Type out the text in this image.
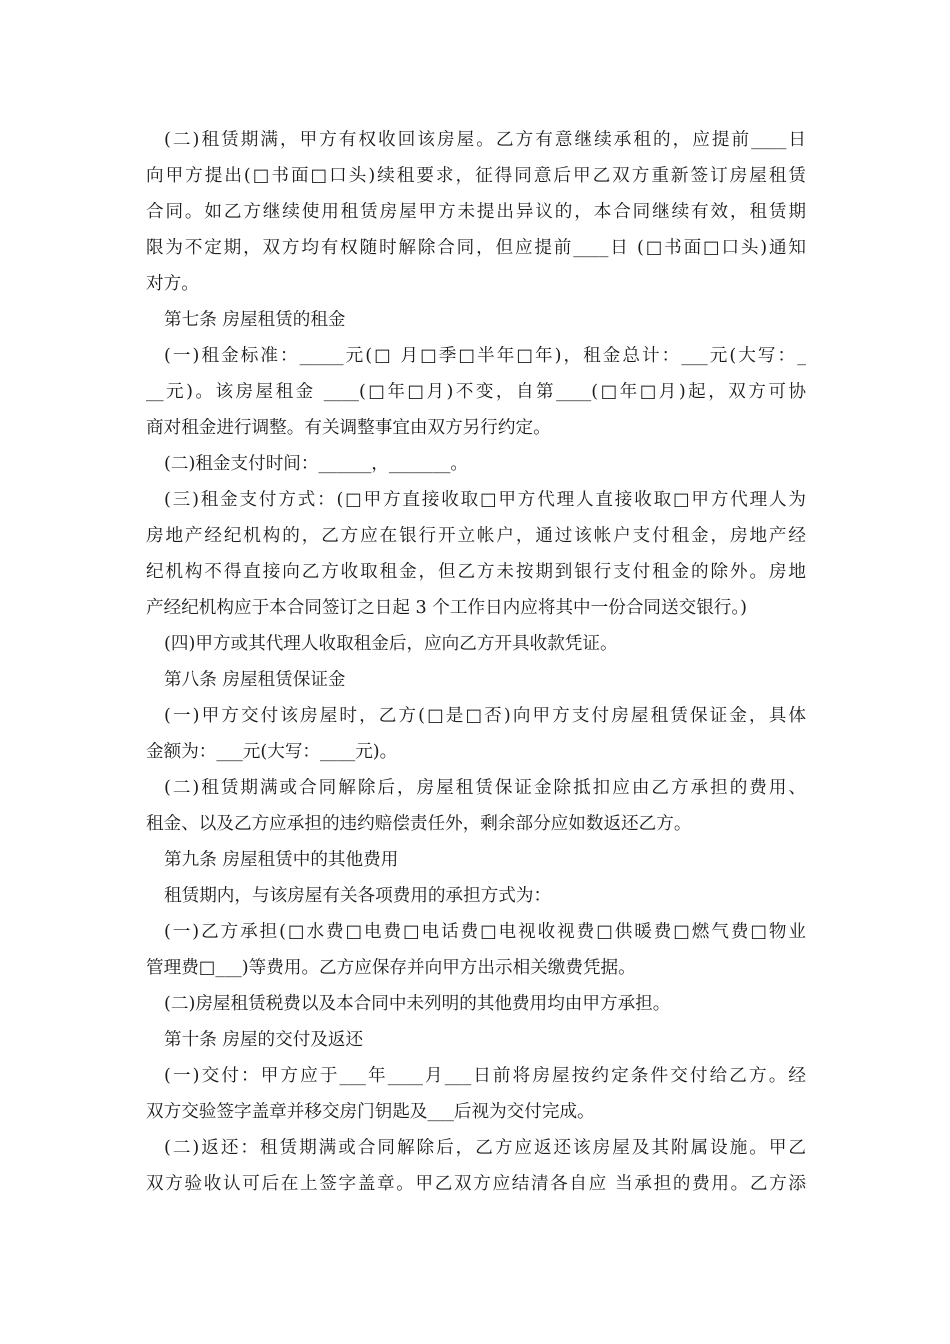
(二)租赁期满，甲方有权收回该房屋。乙方有意继续承租的，应提前____日
向甲方提出(□书面□口头)续租要求，征得同意后甲乙双方重新签订房屋租赁
合同。如乙方继续使用租赁房屋甲方未提出异议的，本合同继续有效，租赁期
限为不定期，双方均有权随时解除合同，但应提前____日 (□书面□口头)通知
对方。
第七条 房屋租赁的租金
(一)租金标准：_____元(□ 月□季□半年□年)，租金总计：___元(大写：_
__元)。该房屋租金 ____(□年□月)不变，自第____(□年□月)起，双方可协
商对租金进行调整。有关调整事宜由双方另行约定。
(二)租金支付时间：______，_______。
(三)租金支付方式：(□甲方直接收取□甲方代理人直接收取□甲方代理人为
房地产经纪机构的，乙方应在银行开立帐户，通过该帐户支付租金，房地产经
纪机构不得直接向乙方收取租金，但乙方未按期到银行支付租金的除外。房地
产经纪机构应于本合同签订之日起 3 个工作日内应将其中一份合同送交银行。)
(四)甲方或其代理人收取租金后，应向乙方开具收款凭证。
第八条 房屋租赁保证金
(一)甲方交付该房屋时，乙方(□是□否)向甲方支付房屋租赁保证金，具体
金额为：___元(大写：____元)。
(二)租赁期满或合同解除后，房屋租赁保证金除抵扣应由乙方承担的费用、
租金、以及乙方应承担的违约赔偿责任外，剩余部分应如数返还乙方。
第九条 房屋租赁中的其他费用
租赁期内，与该房屋有关各项费用的承担方式为：
(一)乙方承担(□水费□电费□电话费□电视收视费□供暖费□燃气费□物业
管理费□___)等费用。乙方应保存并向甲方出示相关缴费凭据。
(二)房屋租赁税费以及本合同中未列明的其他费用均由甲方承担。
第十条 房屋的交付及返还
(一)交付：甲方应于___年____月___日前将房屋按约定条件交付给乙方。经
双方交验签字盖章并移交房门钥匙及___后视为交付完成。
(二)返还：租赁期满或合同解除后，乙方应返还该房屋及其附属设施。甲乙
双方验收认可后在上签字盖章。甲乙双方应结清各自应 当承担的费用。乙方添
